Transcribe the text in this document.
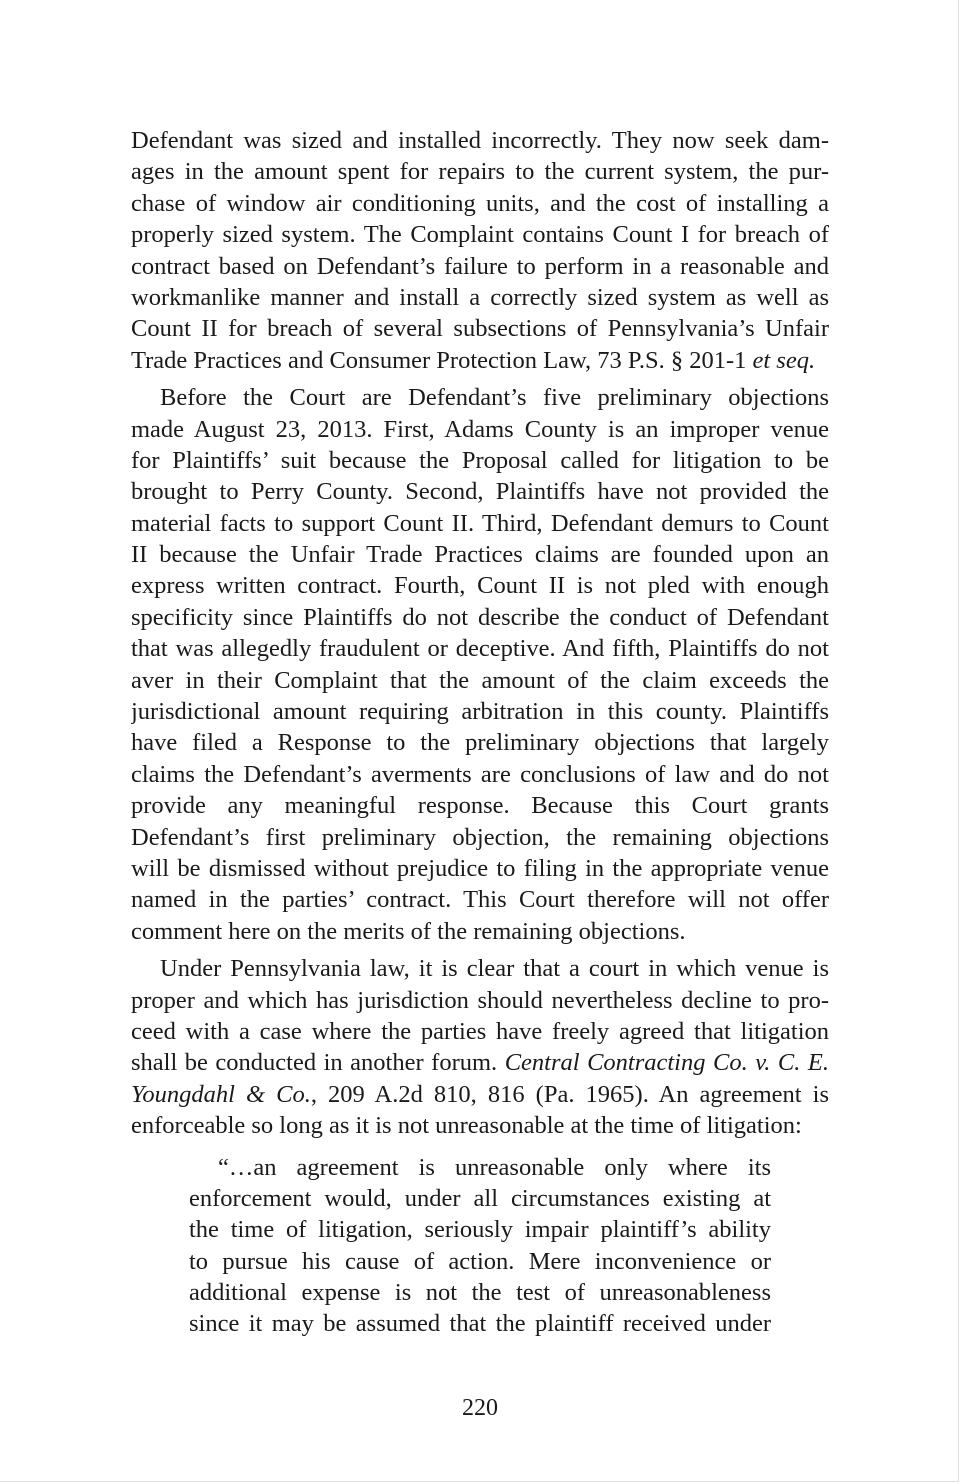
Defendant was sized and installed incorrectly. They now seek dam-
ages in the amount spent for repairs to the current system, the pur-
chase of window air conditioning units, and the cost of installing a
properly sized system. The Complaint contains Count I for breach of
contract based on Defendant’s failure to perform in a reasonable and
workmanlike manner and install a correctly sized system as well as
Count II for breach of several subsections of Pennsylvania’s Unfair
Trade Practices and Consumer Protection Law, 73 P.S. § 201-1 et seq.
Before the Court are Defendant’s five preliminary objections
made August 23, 2013. First, Adams County is an improper venue
for Plaintiffs’ suit because the Proposal called for litigation to be
brought to Perry County. Second, Plaintiffs have not provided the
material facts to support Count II. Third, Defendant demurs to Count
II because the Unfair Trade Practices claims are founded upon an
express written contract. Fourth, Count II is not pled with enough
specificity since Plaintiffs do not describe the conduct of Defendant
that was allegedly fraudulent or deceptive. And fifth, Plaintiffs do not
aver in their Complaint that the amount of the claim exceeds the
jurisdictional amount requiring arbitration in this county. Plaintiffs
have filed a Response to the preliminary objections that largely
claims the Defendant’s averments are conclusions of law and do not
provide any meaningful response. Because this Court grants
Defendant’s first preliminary objection, the remaining objections
will be dismissed without prejudice to filing in the appropriate venue
named in the parties’ contract. This Court therefore will not offer
comment here on the merits of the remaining objections.
Under Pennsylvania law, it is clear that a court in which venue is
proper and which has jurisdiction should nevertheless decline to pro-
ceed with a case where the parties have freely agreed that litigation
shall be conducted in another forum. Central Contracting Co. v. C. E.
Youngdahl & Co., 209 A.2d 810, 816 (Pa. 1965). An agreement is
enforceable so long as it is not unreasonable at the time of litigation:
“…an agreement is unreasonable only where its
enforcement would, under all circumstances existing at
the time of litigation, seriously impair plaintiff’s ability
to pursue his cause of action. Mere inconvenience or
additional expense is not the test of unreasonableness
since it may be assumed that the plaintiff received under
220
